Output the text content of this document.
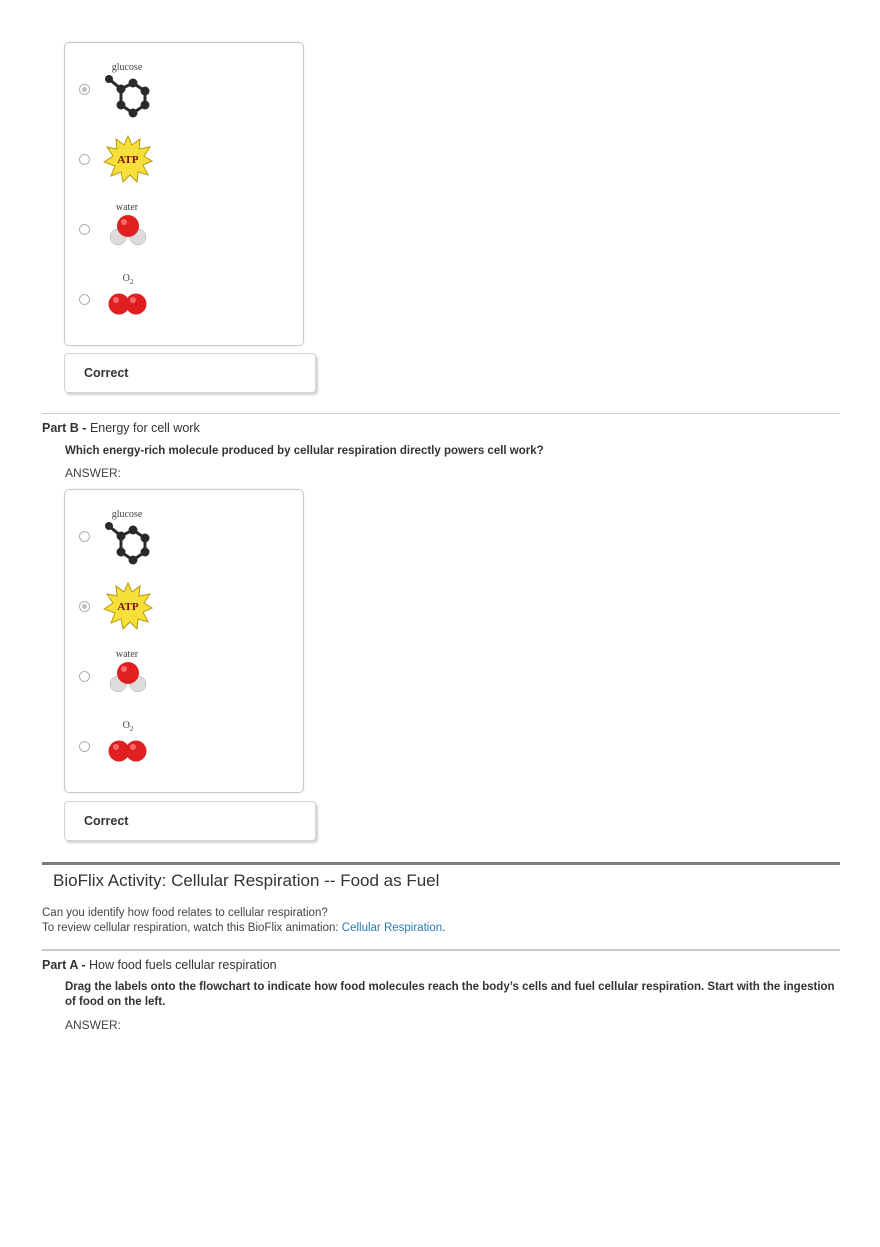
glucose
ATP
water
$O_2$
Correct
Part B - Energy for cell work
Which energy-rich molecule produced by cellular respiration directly powers cell work?
ANSWER:
glucose
ATP
water
$O_2$
Correct
BioFlix Activity: Cellular Respiration -- Food as Fuel
Can you identify how food relates to cellular respiration?
To review cellular respiration, watch this BioFlix animation: Cellular Respiration.
Part A - How food fuels cellular respiration
Drag the labels onto the flowchart to indicate how food molecules reach the body’s cells and fuel cellular respiration. Start with the ingestion of food on the left.
ANSWER:
